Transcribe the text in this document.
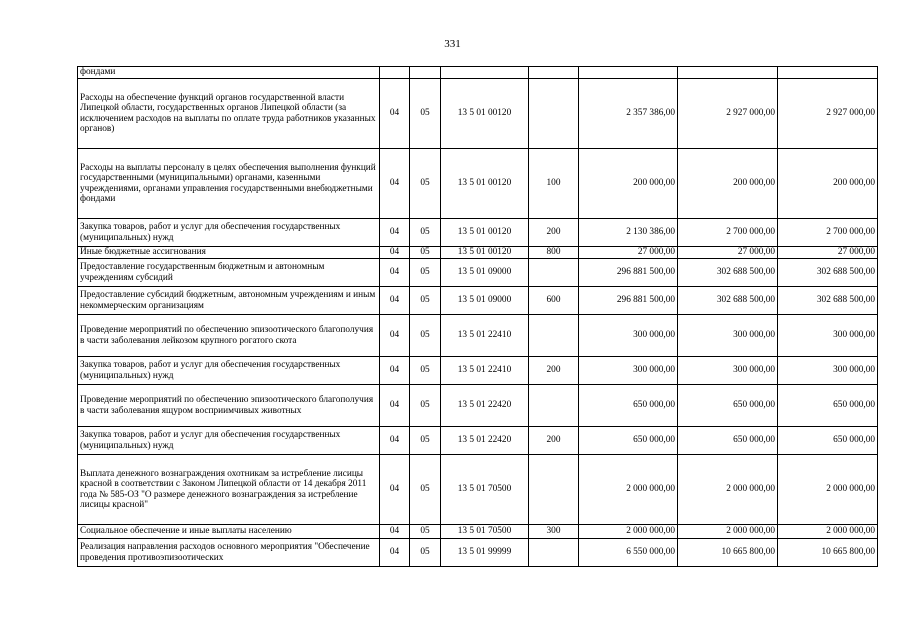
331
фондами							
Расходы на обеспечение функций органов государственной власти Липецкой области, государственных органов Липецкой области (за исключением расходов на выплаты по оплате труда работников указанных органов)	04	05	13 5 01 00120		2 357 386,00	2 927 000,00	2 927 000,00
Расходы на выплаты персоналу в целях обеспечения выполнения функций государственными (муниципальными) органами, казенными учреждениями, органами управления государственными внебюджетными фондами	04	05	13 5 01 00120	100	200 000,00	200 000,00	200 000,00
Закупка товаров, работ и услуг для обеспечения государственных (муниципальных) нужд	04	05	13 5 01 00120	200	2 130 386,00	2 700 000,00	2 700 000,00
Иные бюджетные ассигнования	04	05	13 5 01 00120	800	27 000,00	27 000,00	27 000,00
Предоставление государственным бюджетным и автономным учреждениям субсидий	04	05	13 5 01 09000		296 881 500,00	302 688 500,00	302 688 500,00
Предоставление субсидий бюджетным, автономным учреждениям и иным некоммерческим организациям	04	05	13 5 01 09000	600	296 881 500,00	302 688 500,00	302 688 500,00
Проведение мероприятий по обеспечению эпизоотического благополучия в части заболевания лейкозом крупного рогатого скота	04	05	13 5 01 22410		300 000,00	300 000,00	300 000,00
Закупка товаров, работ и услуг для обеспечения государственных (муниципальных) нужд	04	05	13 5 01 22410	200	300 000,00	300 000,00	300 000,00
Проведение мероприятий по обеспечению эпизоотического благополучия в части заболевания ящуром восприимчивых животных	04	05	13 5 01 22420		650 000,00	650 000,00	650 000,00
Закупка товаров, работ и услуг для обеспечения государственных (муниципальных) нужд	04	05	13 5 01 22420	200	650 000,00	650 000,00	650 000,00
Выплата денежного вознаграждения охотникам за истребление лисицы красной в соответствии с Законом Липецкой области от 14 декабря 2011 года № 585-ОЗ "О размере денежного вознаграждения за истребление лисицы красной"	04	05	13 5 01 70500		2 000 000,00	2 000 000,00	2 000 000,00
Социальное обеспечение и иные выплаты населению	04	05	13 5 01 70500	300	2 000 000,00	2 000 000,00	2 000 000,00
Реализация направления расходов основного мероприятия "Обеспечение проведения противоэпизоотических	04	05	13 5 01 99999		6 550 000,00	10 665 800,00	10 665 800,00
